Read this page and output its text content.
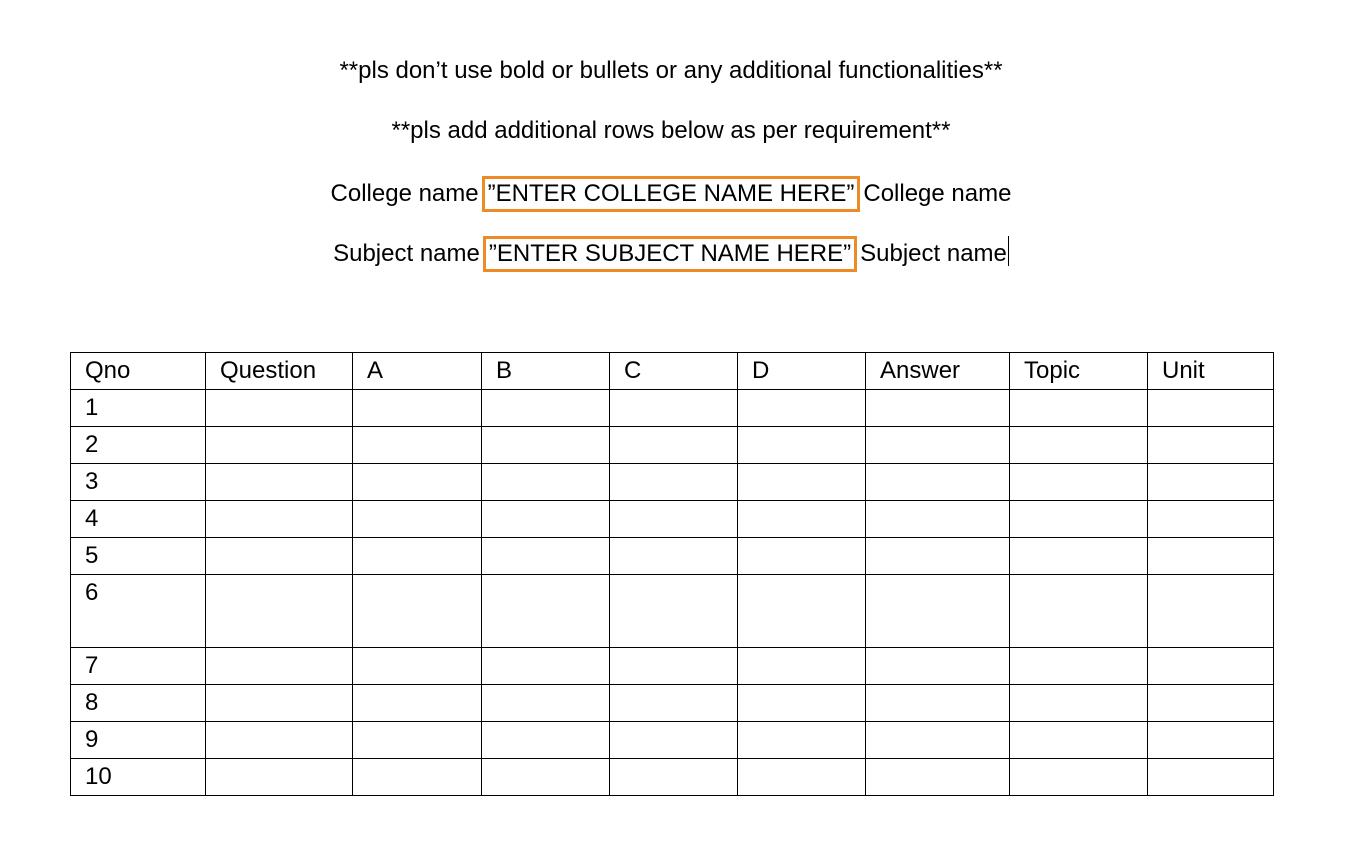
**pls don’t use bold or bullets or any additional functionalities**
**pls add additional rows below as per requirement**
College name ”ENTER COLLEGE NAME HERE” College name
Subject name ”ENTER SUBJECT NAME HERE” Subject name
Qno	Question	A	B	C	D	Answer	Topic	Unit
1								
2								
3								
4								
5								
6								
7								
8								
9								
10								
